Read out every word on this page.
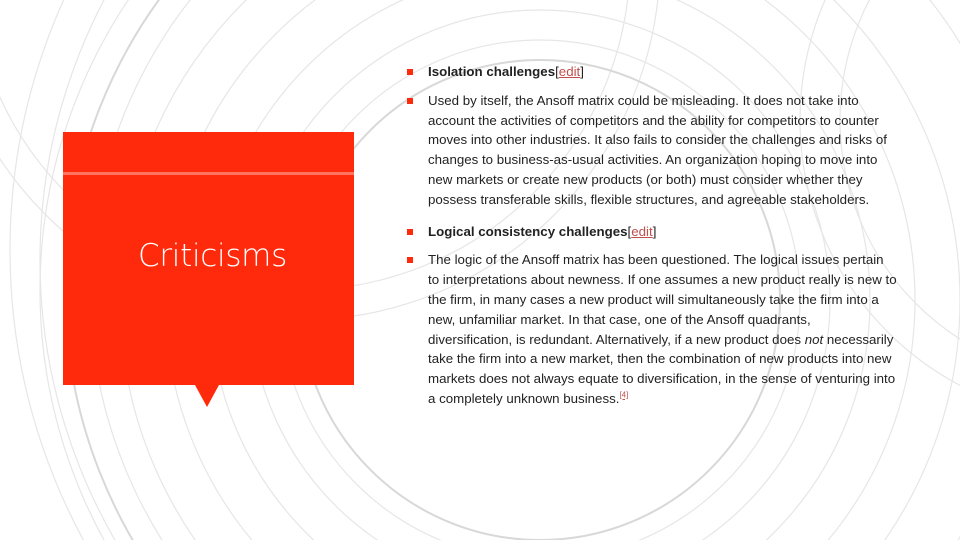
Criticisms
Isolation challenges[edit]
Used by itself, the Ansoff matrix could be misleading. It does not take into account the activities of competitors and the ability for competitors to counter moves into other industries. It also fails to consider the challenges and risks of changes to business-as-usual activities. An organization hoping to move into new markets or create new products (or both) must consider whether they possess transferable skills, flexible structures, and agreeable stakeholders.
Logical consistency challenges[edit]
The logic of the Ansoff matrix has been questioned. The logical issues pertain to interpretations about newness. If one assumes a new product really is new to the firm, in many cases a new product will simultaneously take the firm into a new, unfamiliar market. In that case, one of the Ansoff quadrants, diversification, is redundant. Alternatively, if a new product does not necessarily take the firm into a new market, then the combination of new products into new markets does not always equate to diversification, in the sense of venturing into a completely unknown business.[4]
